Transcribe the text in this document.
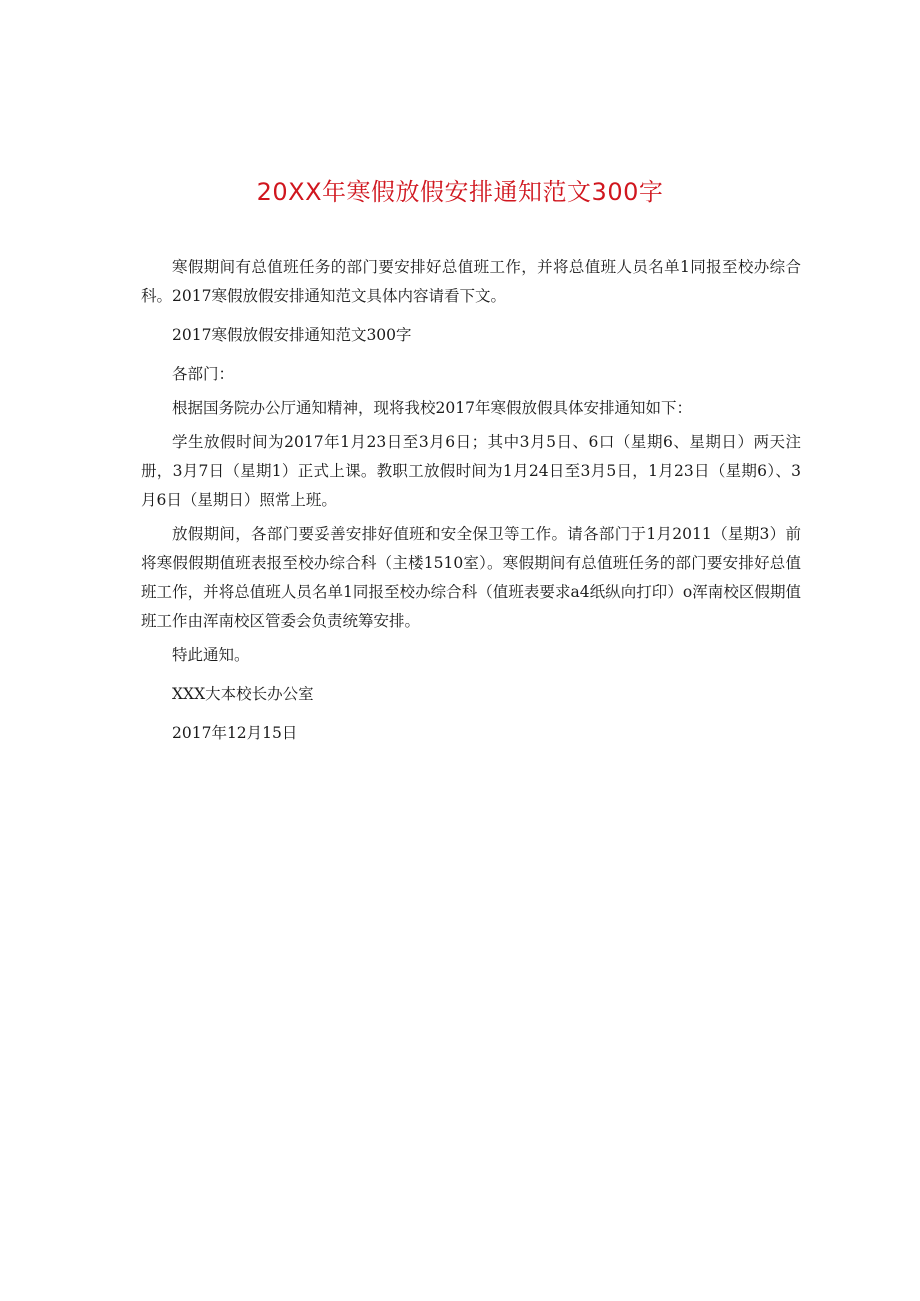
20XX年寒假放假安排通知范文300字

寒假期间有总值班任务的部门要安排好总值班工作，并将总值班人员名单1同报至校办综合科。2017寒假放假安排通知范文具体内容请看下文。

2017寒假放假安排通知范文300字

各部门：

根据国务院办公厅通知精神，现将我校2017年寒假放假具体安排通知如下：

学生放假时间为2017年1月23日至3月6日；其中3月5日、6口（星期6、星期日）两天注册，3月7日（星期1）正式上课。教职工放假时间为1月24日至3月5日，1月23日（星期6）、3月6日（星期日）照常上班。

放假期间，各部门要妥善安排好值班和安全保卫等工作。请各部门于1月2011（星期3）前将寒假假期值班表报至校办综合科（主楼1510室）。寒假期间有总值班任务的部门要安排好总值班工作，并将总值班人员名单1同报至校办综合科（值班表要求a4纸纵向打印）o浑南校区假期值班工作由浑南校区管委会负责统筹安排。

特此通知。

XXX大本校长办公室

2017年12月15日
